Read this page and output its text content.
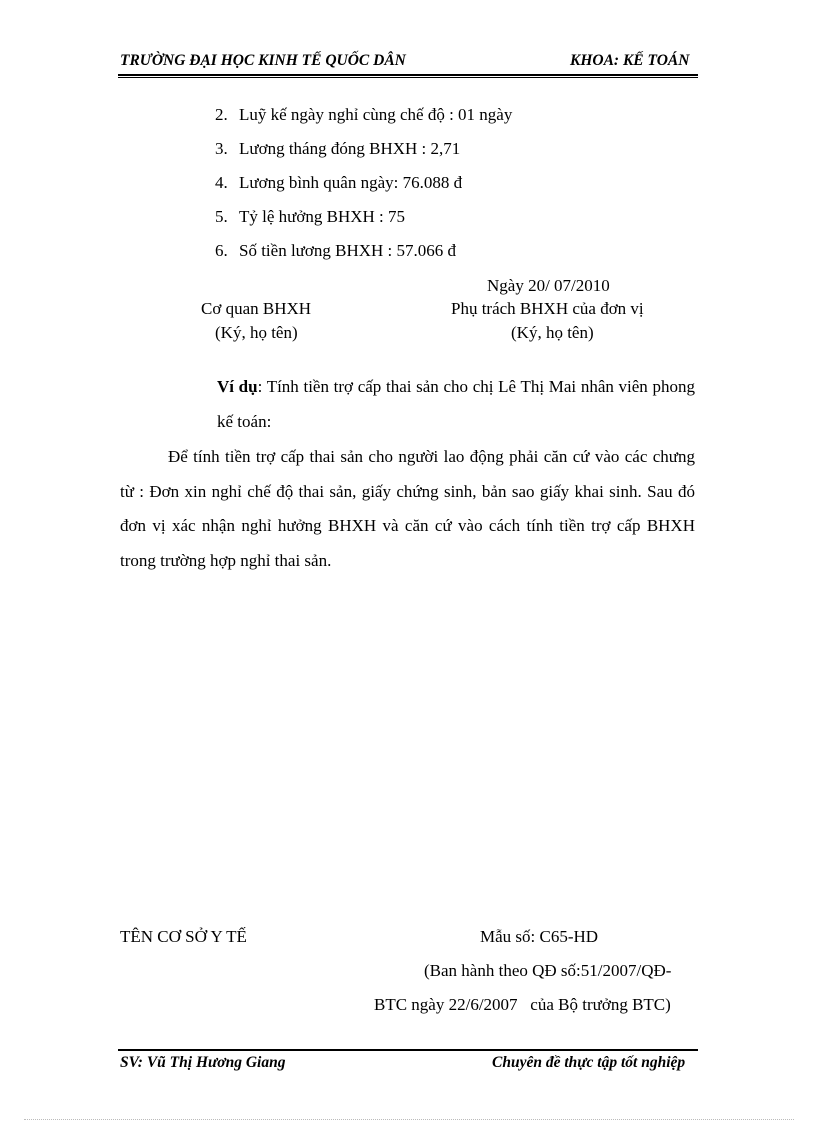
TRƯỜNG ĐẠI HỌC KINH TẾ QUỐC DÂN	KHOA: KẾ TOÁN
2. Luỹ kế ngày nghỉ cùng chế độ : 01 ngày
3. Lương tháng đóng BHXH : 2,71
4. Lương bình quân ngày: 76.088 đ
5. Tỷ lệ hưởng BHXH : 75
6. Số tiền lương BHXH : 57.066 đ
Ngày 20/ 07/2010
Cơ quan BHXH
(Ký, họ tên)
Phụ trách BHXH của đơn vị
(Ký, họ tên)
Ví dụ: Tính tiền trợ cấp thai sản cho chị Lê Thị Mai nhân viên phong kế toán:
Để tính tiền trợ cấp thai sản cho người lao động phải căn cứ vào các chưng từ : Đơn xin nghỉ chế độ thai sản, giấy chứng sinh, bản sao giấy khai sinh. Sau đó đơn vị xác nhận nghỉ hưởng BHXH và căn cứ vào cách tính tiền trợ cấp BHXH trong trường hợp nghỉ thai sản.
TÊN CƠ SỞ Y TẾ	Mẫu số: C65-HD
(Ban hành theo QĐ số:51/2007/QĐ-
BTC ngày 22/6/2007   của Bộ trưởng BTC)
SV: Vũ Thị Hương Giang	Chuyên đề thực tập tốt nghiệp
